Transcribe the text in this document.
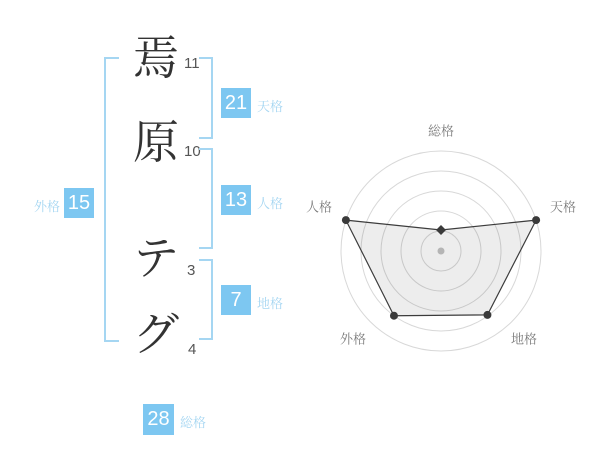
外格 15
焉
原
テ
グ
11
10
3
4
21 天格
13 人格
7	地格
28 総格
総格
天格
地格
外格
人格
